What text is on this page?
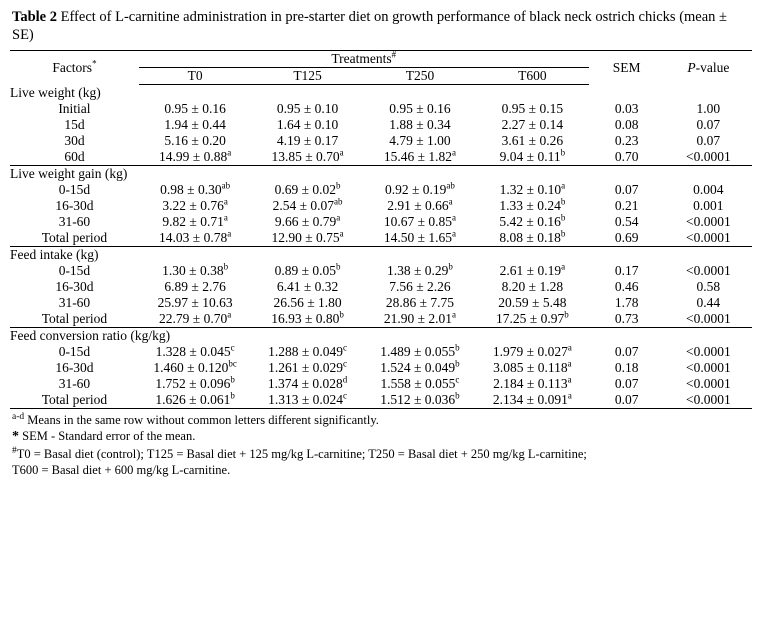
Table 2 Effect of L-carnitine administration in pre-starter diet on growth performance of black neck ostrich chicks (mean ± SE)
Factors*	Treatments#				SEM	P-value
	T0	T125	T250	T600		
Live weight (kg)						
Initial	0.95 ± 0.16	0.95 ± 0.10	0.95 ± 0.16	0.95 ± 0.15	0.03	1.00
15d	1.94 ± 0.44	1.64 ± 0.10	1.88 ± 0.34	2.27 ± 0.14	0.08	0.07
30d	5.16 ± 0.20	4.19 ± 0.17	4.79 ± 1.00	3.61 ± 0.26	0.23	0.07
60d	14.99 ± 0.88$^a$	13.85 ± 0.70$^a$	15.46 ± 1.82$^a$	9.04 ± 0.11$^b$	0.70	<0.0001
Live weight gain (kg)						
0-15d	0.98 ± 0.30$^{ab}$	0.69 ± 0.02$^b$	0.92 ± 0.19$^{ab}$	1.32 ± 0.10$^a$	0.07	0.004
16-30d	3.22 ± 0.76$^a$	2.54 ± 0.07$^{ab}$	2.91 ± 0.66$^a$	1.33 ± 0.24$^b$	0.21	0.001
31-60	9.82 ± 0.71$^a$	9.66 ± 0.79$^a$	10.67 ± 0.85$^a$	5.42 ± 0.16$^b$	0.54	<0.0001
Total period	14.03 ± 0.78$^a$	12.90 ± 0.75$^a$	14.50 ± 1.65$^a$	8.08 ± 0.18$^b$	0.69	<0.0001
Feed intake (kg)						
0-15d	1.30 ± 0.38$^b$	0.89 ± 0.05$^b$	1.38 ± 0.29$^b$	2.61 ± 0.19$^a$	0.17	<0.0001
16-30d	6.89 ± 2.76	6.41 ± 0.32	7.56 ± 2.26	8.20 ± 1.28	0.46	0.58
31-60	25.97 ± 10.63	26.56 ± 1.80	28.86 ± 7.75	20.59 ± 5.48	1.78	0.44
Total period	22.79 ± 0.70$^a$	16.93 ± 0.80$^b$	21.90 ± 2.01$^a$	17.25 ± 0.97$^b$	0.73	<0.0001
Feed conversion ratio (kg/kg)						
0-15d	1.328 ± 0.045$^c$	1.288 ± 0.049$^c$	1.489 ± 0.055$^b$	1.979 ± 0.027$^a$	0.07	<0.0001
16-30d	1.460 ± 0.120$^{bc}$	1.261 ± 0.029$^c$	1.524 ± 0.049$^b$	3.085 ± 0.118$^a$	0.18	<0.0001
31-60	1.752 ± 0.096$^b$	1.374 ± 0.028$^d$	1.558 ± 0.055$^c$	2.184 ± 0.113$^a$	0.07	<0.0001
Total period	1.626 ± 0.061$^b$	1.313 ± 0.024$^c$	1.512 ± 0.036$^b$	2.134 ± 0.091$^a$	0.07	<0.0001
$^{a-d}$ Means in the same row without common letters different significantly.
* SEM - Standard error of the mean.
#T0 = Basal diet (control); T125 = Basal diet + 125 mg/kg L-carnitine; T250 = Basal diet + 250 mg/kg L-carnitine;
T600 = Basal diet + 600 mg/kg L-carnitine.
